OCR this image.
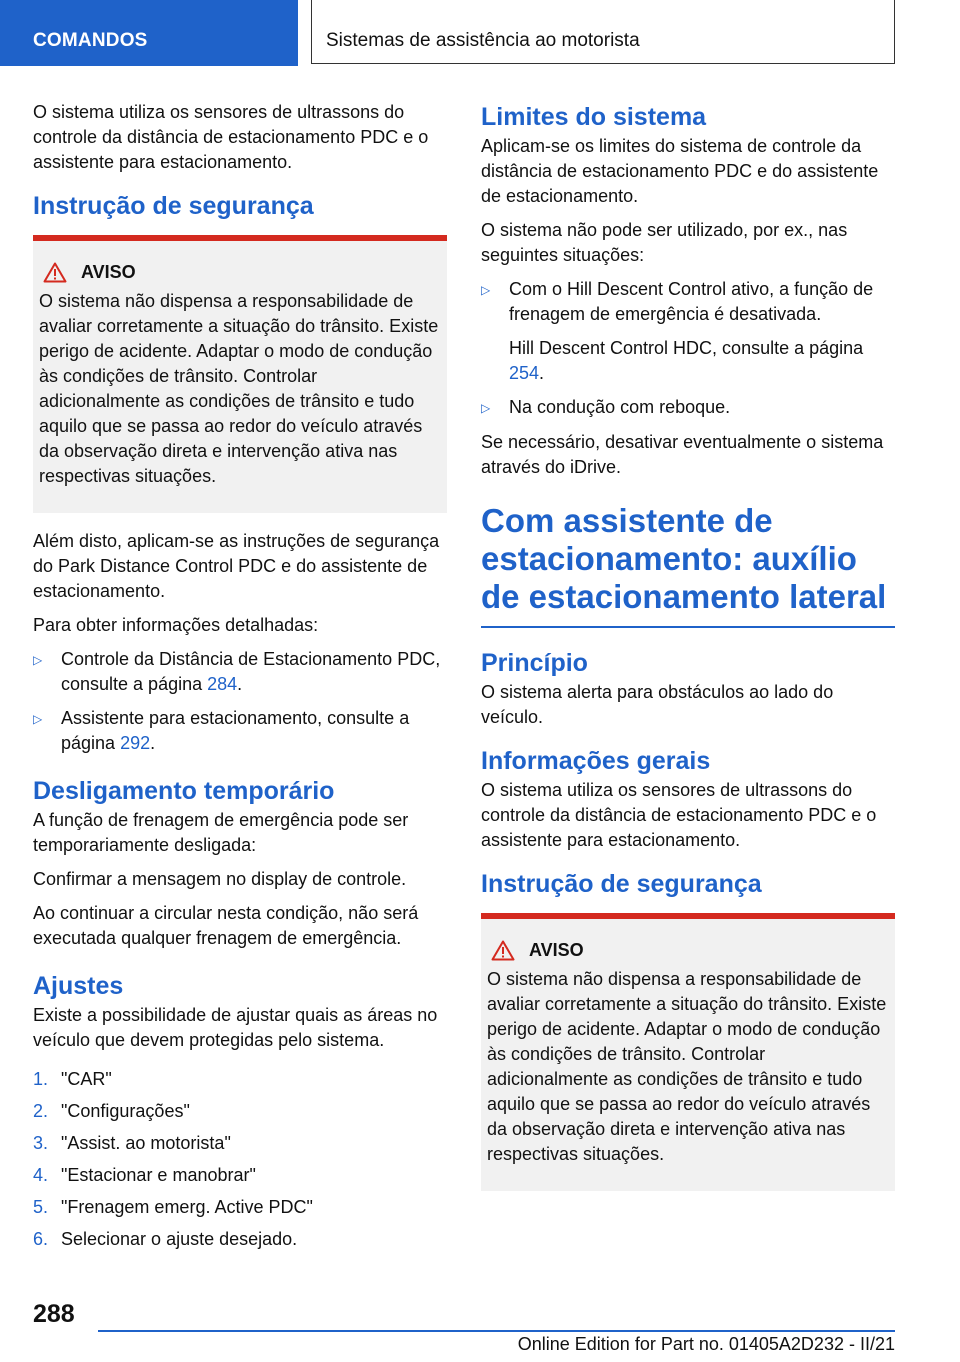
COMANDOS	Sistemas de assistência ao motorista

O sistema utiliza os sensores de ultrassons do controle da distância de estacionamento PDC e o assistente para estacionamento.

Instrução de segurança
AVISO

O sistema não dispensa a responsabilidade de avaliar corretamente a situação do trânsito. Existe perigo de acidente. Adaptar o modo de condução às condições de trânsito. Controlar adicionalmente as condições de trânsito e tudo aquilo que se passa ao redor do veículo através da observação direta e intervenção ativa nas respectivas situações.

Além disto, aplicam-se as instruções de segurança do Park Distance Control PDC e do assistente de estacionamento.

Para obter informações detalhadas:

▷	Controle da Distância de Estacionamento PDC, consulte a página 284.
▷	Assistente para estacionamento, consulte a página 292.
Desligamento temporário

A função de frenagem de emergência pode ser temporariamente desligada:

Confirmar a mensagem no display de controle.

Ao continuar a circular nesta condição, não será executada qualquer frenagem de emergência.

Ajustes

Existe a possibilidade de ajustar quais as áreas no veículo que devem protegidas pelo sistema.

1. "CAR"
2. "Configurações"
3. "Assist. ao motorista"
4. "Estacionar e manobrar"
5. "Frenagem emerg. Active PDC"
6. Selecionar o ajuste desejado.
Limites do sistema

Aplicam-se os limites do sistema de controle da distância de estacionamento PDC e do assistente de estacionamento.

O sistema não pode ser utilizado, por ex., nas seguintes situações:

▷	Com o Hill Descent Control ativo, a função de frenagem de emergência é desativada.

Hill Descent Control HDC, consulte a página 254.

▷	Na condução com reboque.

Se necessário, desativar eventualmente o sistema através do iDrive.

Com assistente de estacionamento: auxílio de estacionamento lateral
Princípio

O sistema alerta para obstáculos ao lado do veículo.

Informações gerais

O sistema utiliza os sensores de ultrassons do controle da distância de estacionamento PDC e o assistente para estacionamento.

Instrução de segurança
AVISO

O sistema não dispensa a responsabilidade de avaliar corretamente a situação do trânsito. Existe perigo de acidente. Adaptar o modo de condução às condições de trânsito. Controlar adicionalmente as condições de trânsito e tudo aquilo que se passa ao redor do veículo através da observação direta e intervenção ativa nas respectivas situações.

288
Online Edition for Part no. 01405A2D232 - II/21
